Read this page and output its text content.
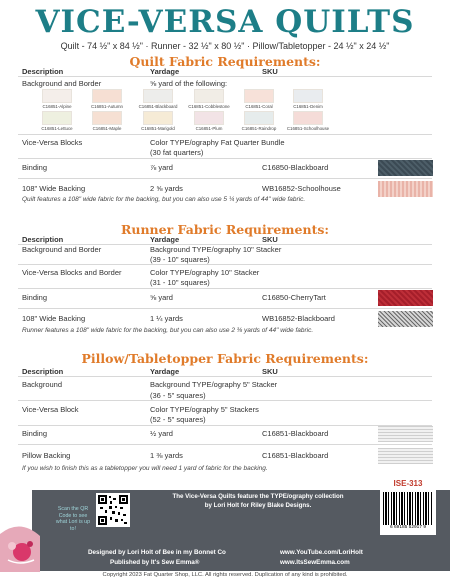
VICE-VERSA QUILTS
Quilt - 74 ½" x 84 ½" · Runner - 32 ½" x 80 ½" · Pillow/Tabletopper - 24 ½" x 24 ½"
Quilt Fabric Requirements:
Description	Yardage	SKU
Background and Border	⅝ yard of the following:
C16851-Alpine	C16851-Autumn	C16851-Blackboard	C16851-Cobblestone	C16851-Coral	C16851-Denim
C16851-Lettuce	C16851-Maple	C16851-Marigold	C16851-Plum	C16851-Raindrop	C16851-Schoolhouse
Vice-Versa Blocks	Color TYPE/ography Fat Quarter Bundle
(30 fat quarters)
Binding	⅞ yard	C16850-Blackboard
108" Wide Backing	2 ⅝ yards	WB16852-Schoolhouse
Quilt features a 108" wide fabric for the backing, but you can also use 5 ¼ yards of 44" wide fabric.
Runner Fabric Requirements:
Description	Yardage	SKU
Background and Border	Background TYPE/ography 10" Stacker
(39 - 10" squares)
Vice-Versa Blocks and Border	Color TYPE/ography 10" Stacker
(31 - 10" squares)
Binding	⅝ yard	C16850-CherryTart
108" Wide Backing	1 ¼ yards	WB16852-Blackboard
Runner features a 108" wide fabric for the backing, but you can also use 2 ⅜ yards of 44" wide fabric.
Pillow/Tabletopper Fabric Requirements:
Description	Yardage	SKU
Background	Background TYPE/ography 5" Stacker
(36 - 5" squares)
Vice-Versa Block	Color TYPE/ography 5" Stackers
(52 - 5" squares)
Binding	½ yard	C16851-Blackboard
Pillow Backing	1 ⅜ yards	C16851-Blackboard
If you wish to finish this as a tabletopper you will need 1 yard of fabric for the backing.
Scan the QR Code to see what Lori is up to!
The Vice-Versa Quilts feature the TYPE/ography collection
by Lori Holt for Riley Blake Designs.
ISE-313
6 69185 52917 9
Designed by Lori Holt of Bee in my Bonnet Co
Published by It's Sew Emma®
www.YouTube.com/LoriHolt
www.ItsSewEmma.com
Copyright 2023 Fat Quarter Shop, LLC. All rights reserved. Duplication of any kind is prohibited.
